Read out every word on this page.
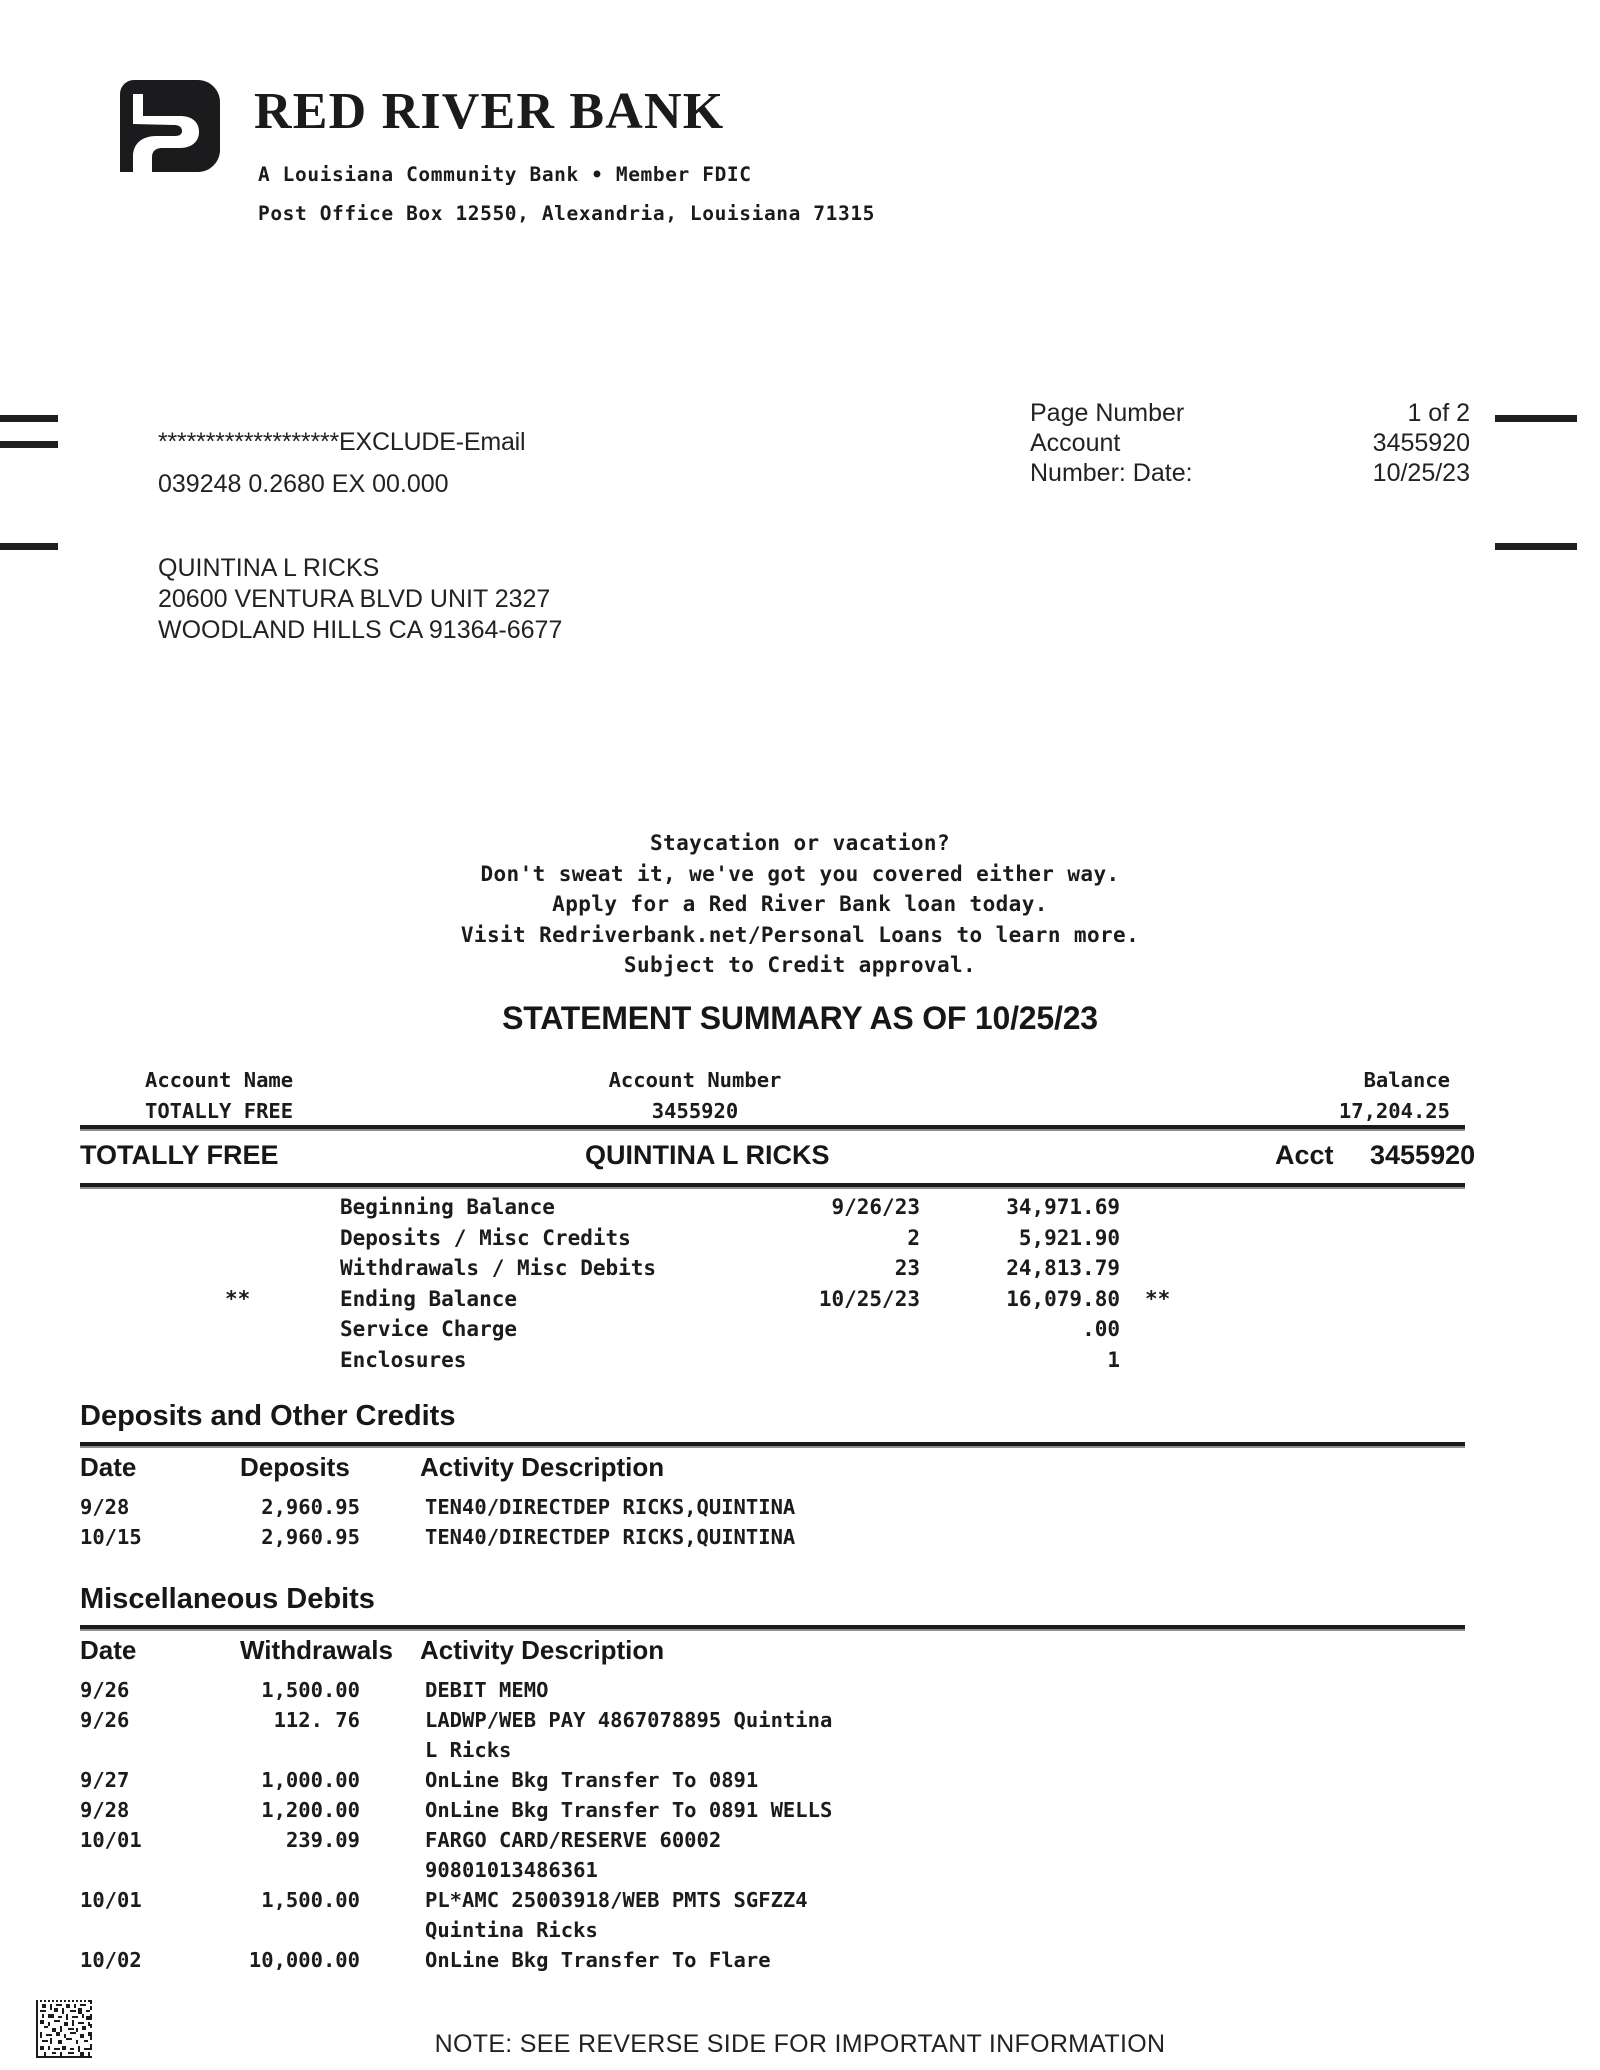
RED RIVER BANK
A Louisiana Community Bank • Member FDIC
Post Office Box 12550, Alexandria, Louisiana 71315
*******************EXCLUDE-Email
039248 0.2680 EX 00.000
QUINTINA L RICKS
20600 VENTURA BLVD UNIT 2327
WOODLAND HILLS CA 91364-6677
Page Number	1 of 2
Account	3455920
Number: Date:	10/25/23
Staycation or vacation?
Don't sweat it, we've got you covered either way.
Apply for a Red River Bank loan today.
Visit Redriverbank.net/Personal Loans to learn more.
Subject to Credit approval.
STATEMENT SUMMARY AS OF 10/25/23
Account Name	Account Number	Balance
TOTALLY FREE	3455920	17,204.25
TOTALLY FREE	QUINTINA L RICKS	Acct 3455920
Beginning Balance	9/26/23	34,971.69
Deposits / Misc Credits	2	5,921.90
Withdrawals / Misc Debits	23	24,813.79
**	Ending Balance	10/25/23	16,079.80 **
Service Charge	.00
Enclosures	1
Deposits and Other Credits
Date	Deposits	Activity Description
9/28	2,960.95	TEN40/DIRECTDEP RICKS,QUINTINA
10/15	2,960.95	TEN40/DIRECTDEP RICKS,QUINTINA
Miscellaneous Debits
Date	Withdrawals Activity Description
9/26	1,500.00	DEBIT MEMO
9/26	112. 76	LADWP/WEB PAY 4867078895 Quintina
L Ricks
9/27	1,000.00	OnLine Bkg Transfer To 0891
9/28	1,200.00	OnLine Bkg Transfer To 0891 WELLS
10/01	239.09	FARGO CARD/RESERVE 60002
90801013486361
10/01	1,500.00	PL*AMC 25003918/WEB PMTS SGFZZ4
Quintina Ricks
10/02	10,000.00	OnLine Bkg Transfer To Flare
NOTE: SEE REVERSE SIDE FOR IMPORTANT INFORMATION
